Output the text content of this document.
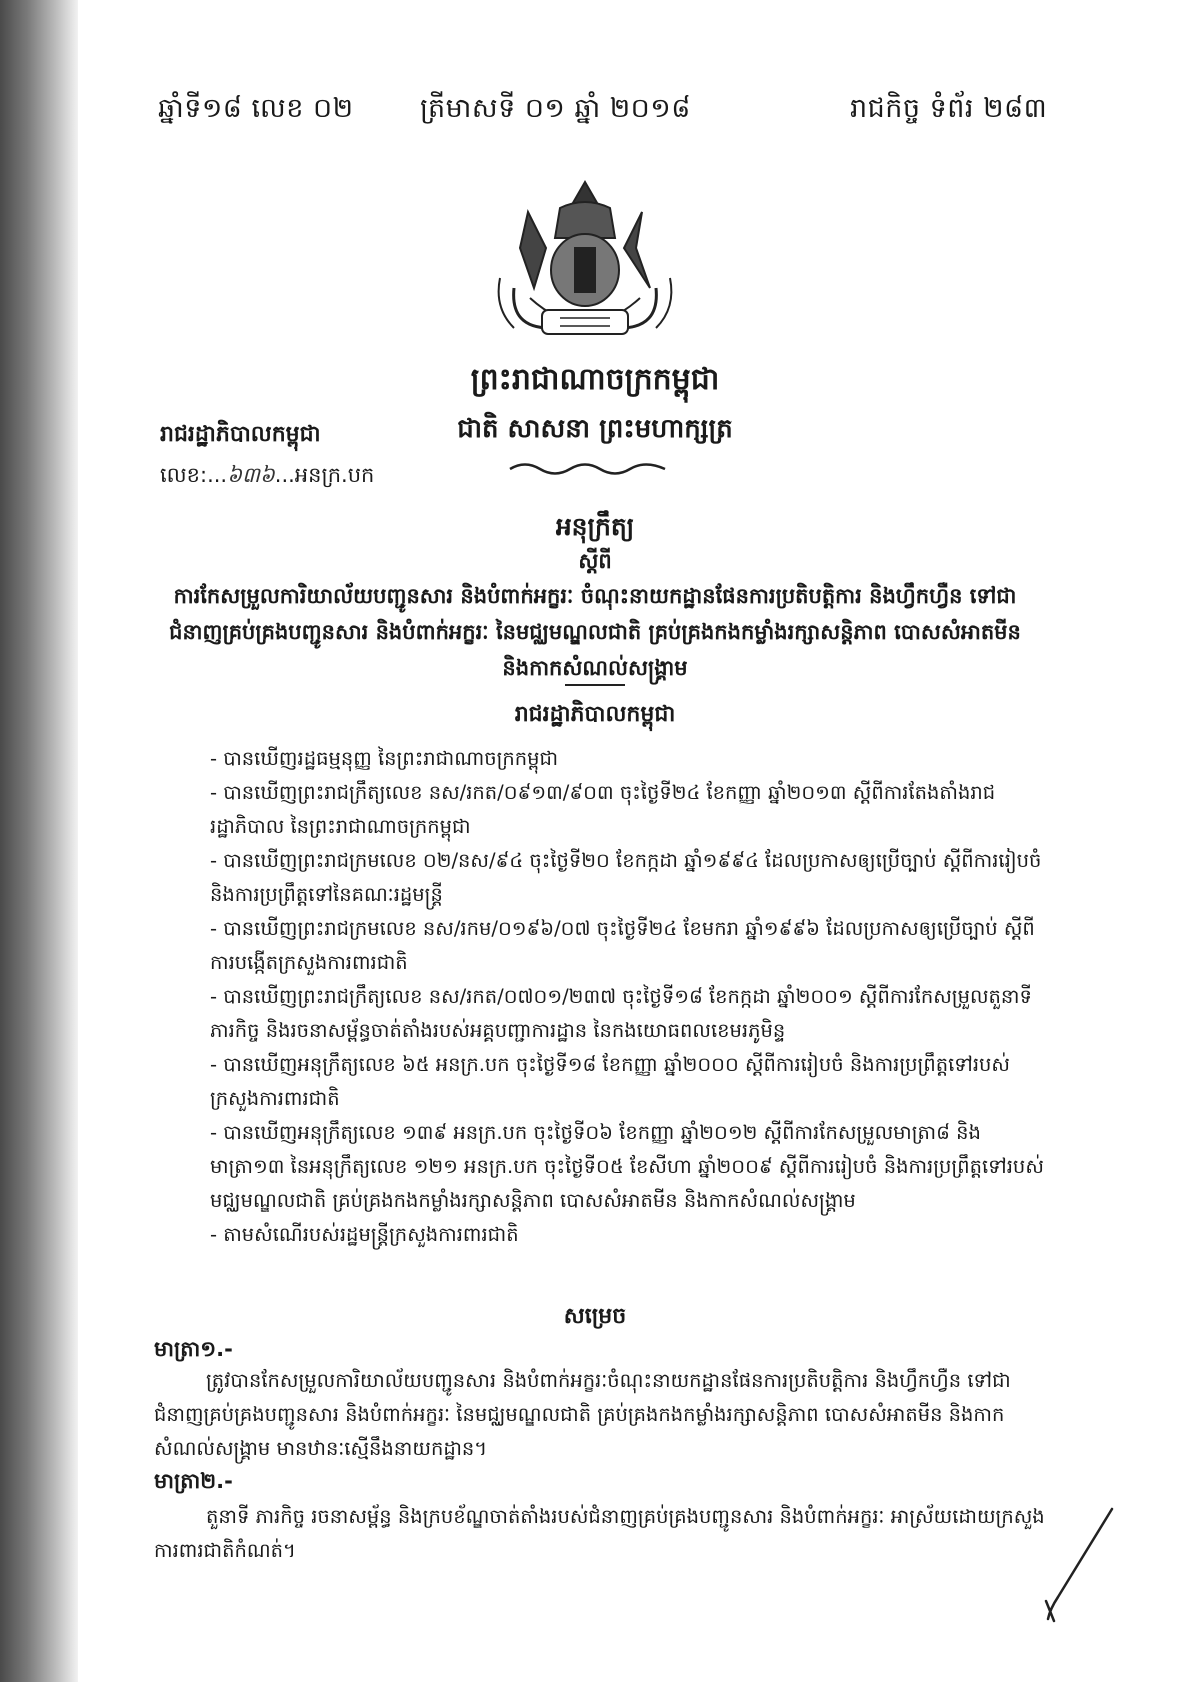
ឆ្នាំទី១៨ លេខ ០២ ត្រីមាសទី ០១ ឆ្នាំ ២០១៨	រាជកិច្ច ទំព័រ ២៨៣
ព្រះរាជាណាចក្រកម្ពុជា
ជាតិ សាសនា ព្រះមហាក្សត្រ
រាជរដ្ឋាភិបាលកម្ពុជា
លេខ:...៦៣៦...អនក្រ.បក
អនុក្រឹត្យ
ស្តីពី
ការកែសម្រួលការិយាល័យបញ្ជូនសារ និងបំពាក់អក្ខរៈ ចំណុះនាយកដ្ឋានផែនការប្រតិបត្តិការ និងហ្វឹកហ្វឺន ទៅជាជំនាញគ្រប់គ្រងបញ្ជូនសារ និងបំពាក់អក្ខរៈ នៃមជ្ឈមណ្ឌលជាតិ គ្រប់គ្រងកងកម្លាំងរក្សាសន្តិភាព បោសសំអាតមីន និងកាកសំណល់សង្គ្រាម
រាជរដ្ឋាភិបាលកម្ពុជា
- បានឃើញរដ្ឋធម្មនុញ្ញ នៃព្រះរាជាណាចក្រកម្ពុជា
- បានឃើញព្រះរាជក្រឹត្យលេខ នស/រកត/០៩១៣/៩០៣ ចុះថ្ងៃទី២៤ ខែកញ្ញា ឆ្នាំ២០១៣ ស្តីពីការតែងតាំងរាជរដ្ឋាភិបាល នៃព្រះរាជាណាចក្រកម្ពុជា
- បានឃើញព្រះរាជក្រមលេខ ០២/នស/៩៤ ចុះថ្ងៃទី២០ ខែកក្កដា ឆ្នាំ១៩៩៤ ដែលប្រកាសឲ្យប្រើច្បាប់ ស្តីពីការរៀបចំ និងការប្រព្រឹត្តទៅនៃគណៈរដ្ឋមន្ត្រី
- បានឃើញព្រះរាជក្រមលេខ នស/រកម/០១៩៦/០៧ ចុះថ្ងៃទី២៤ ខែមករា ឆ្នាំ១៩៩៦ ដែលប្រកាសឲ្យប្រើច្បាប់ ស្តីពីការបង្កើតក្រសួងការពារជាតិ
- បានឃើញព្រះរាជក្រឹត្យលេខ នស/រកត/០៧០១/២៣៧ ចុះថ្ងៃទី១៨ ខែកក្កដា ឆ្នាំ២០០១ ស្តីពីការកែសម្រួលតួនាទីភារកិច្ច និងរចនាសម្ព័ន្ធចាត់តាំងរបស់អគ្គបញ្ជាការដ្ឋាន នៃកងយោធពលខេមរភូមិន្ទ
- បានឃើញអនុក្រឹត្យលេខ ៦៥ អនក្រ.បក ចុះថ្ងៃទី១៨ ខែកញ្ញា ឆ្នាំ២០០០ ស្តីពីការរៀបចំ និងការប្រព្រឹត្តទៅរបស់ក្រសួងការពារជាតិ
- បានឃើញអនុក្រឹត្យលេខ ១៣៩ អនក្រ.បក ចុះថ្ងៃទី០៦ ខែកញ្ញា ឆ្នាំ២០១២ ស្តីពីការកែសម្រួលមាត្រា៨ និងមាត្រា១៣ នៃអនុក្រឹត្យលេខ ១២១ អនក្រ.បក ចុះថ្ងៃទី០៥ ខែសីហា ឆ្នាំ២០០៩ ស្តីពីការរៀបចំ និងការប្រព្រឹត្តទៅរបស់មជ្ឈមណ្ឌលជាតិ គ្រប់គ្រងកងកម្លាំងរក្សាសន្តិភាព បោសសំអាតមីន និងកាកសំណល់សង្គ្រាម
- តាមសំណើរបស់រដ្ឋមន្ត្រីក្រសួងការពារជាតិ
សម្រេច
មាត្រា១.-
ត្រូវបានកែសម្រួលការិយាល័យបញ្ជូនសារ និងបំពាក់អក្ខរៈចំណុះនាយកដ្ឋានផែនការប្រតិបត្តិការ និងហ្វឹកហ្វឺន ទៅជាជំនាញគ្រប់គ្រងបញ្ជូនសារ និងបំពាក់អក្ខរៈ នៃមជ្ឈមណ្ឌលជាតិ គ្រប់គ្រងកងកម្លាំងរក្សាសន្តិភាព បោសសំអាតមីន និងកាកសំណល់សង្គ្រាម មានឋានៈស្មើនឹងនាយកដ្ឋាន។
មាត្រា២.-
តួនាទី ភារកិច្ច រចនាសម្ព័ន្ធ និងក្របខ័ណ្ឌចាត់តាំងរបស់ជំនាញគ្រប់គ្រងបញ្ជូនសារ និងបំពាក់អក្ខរៈ អាស្រ័យដោយក្រសួងការពារជាតិកំណត់។
